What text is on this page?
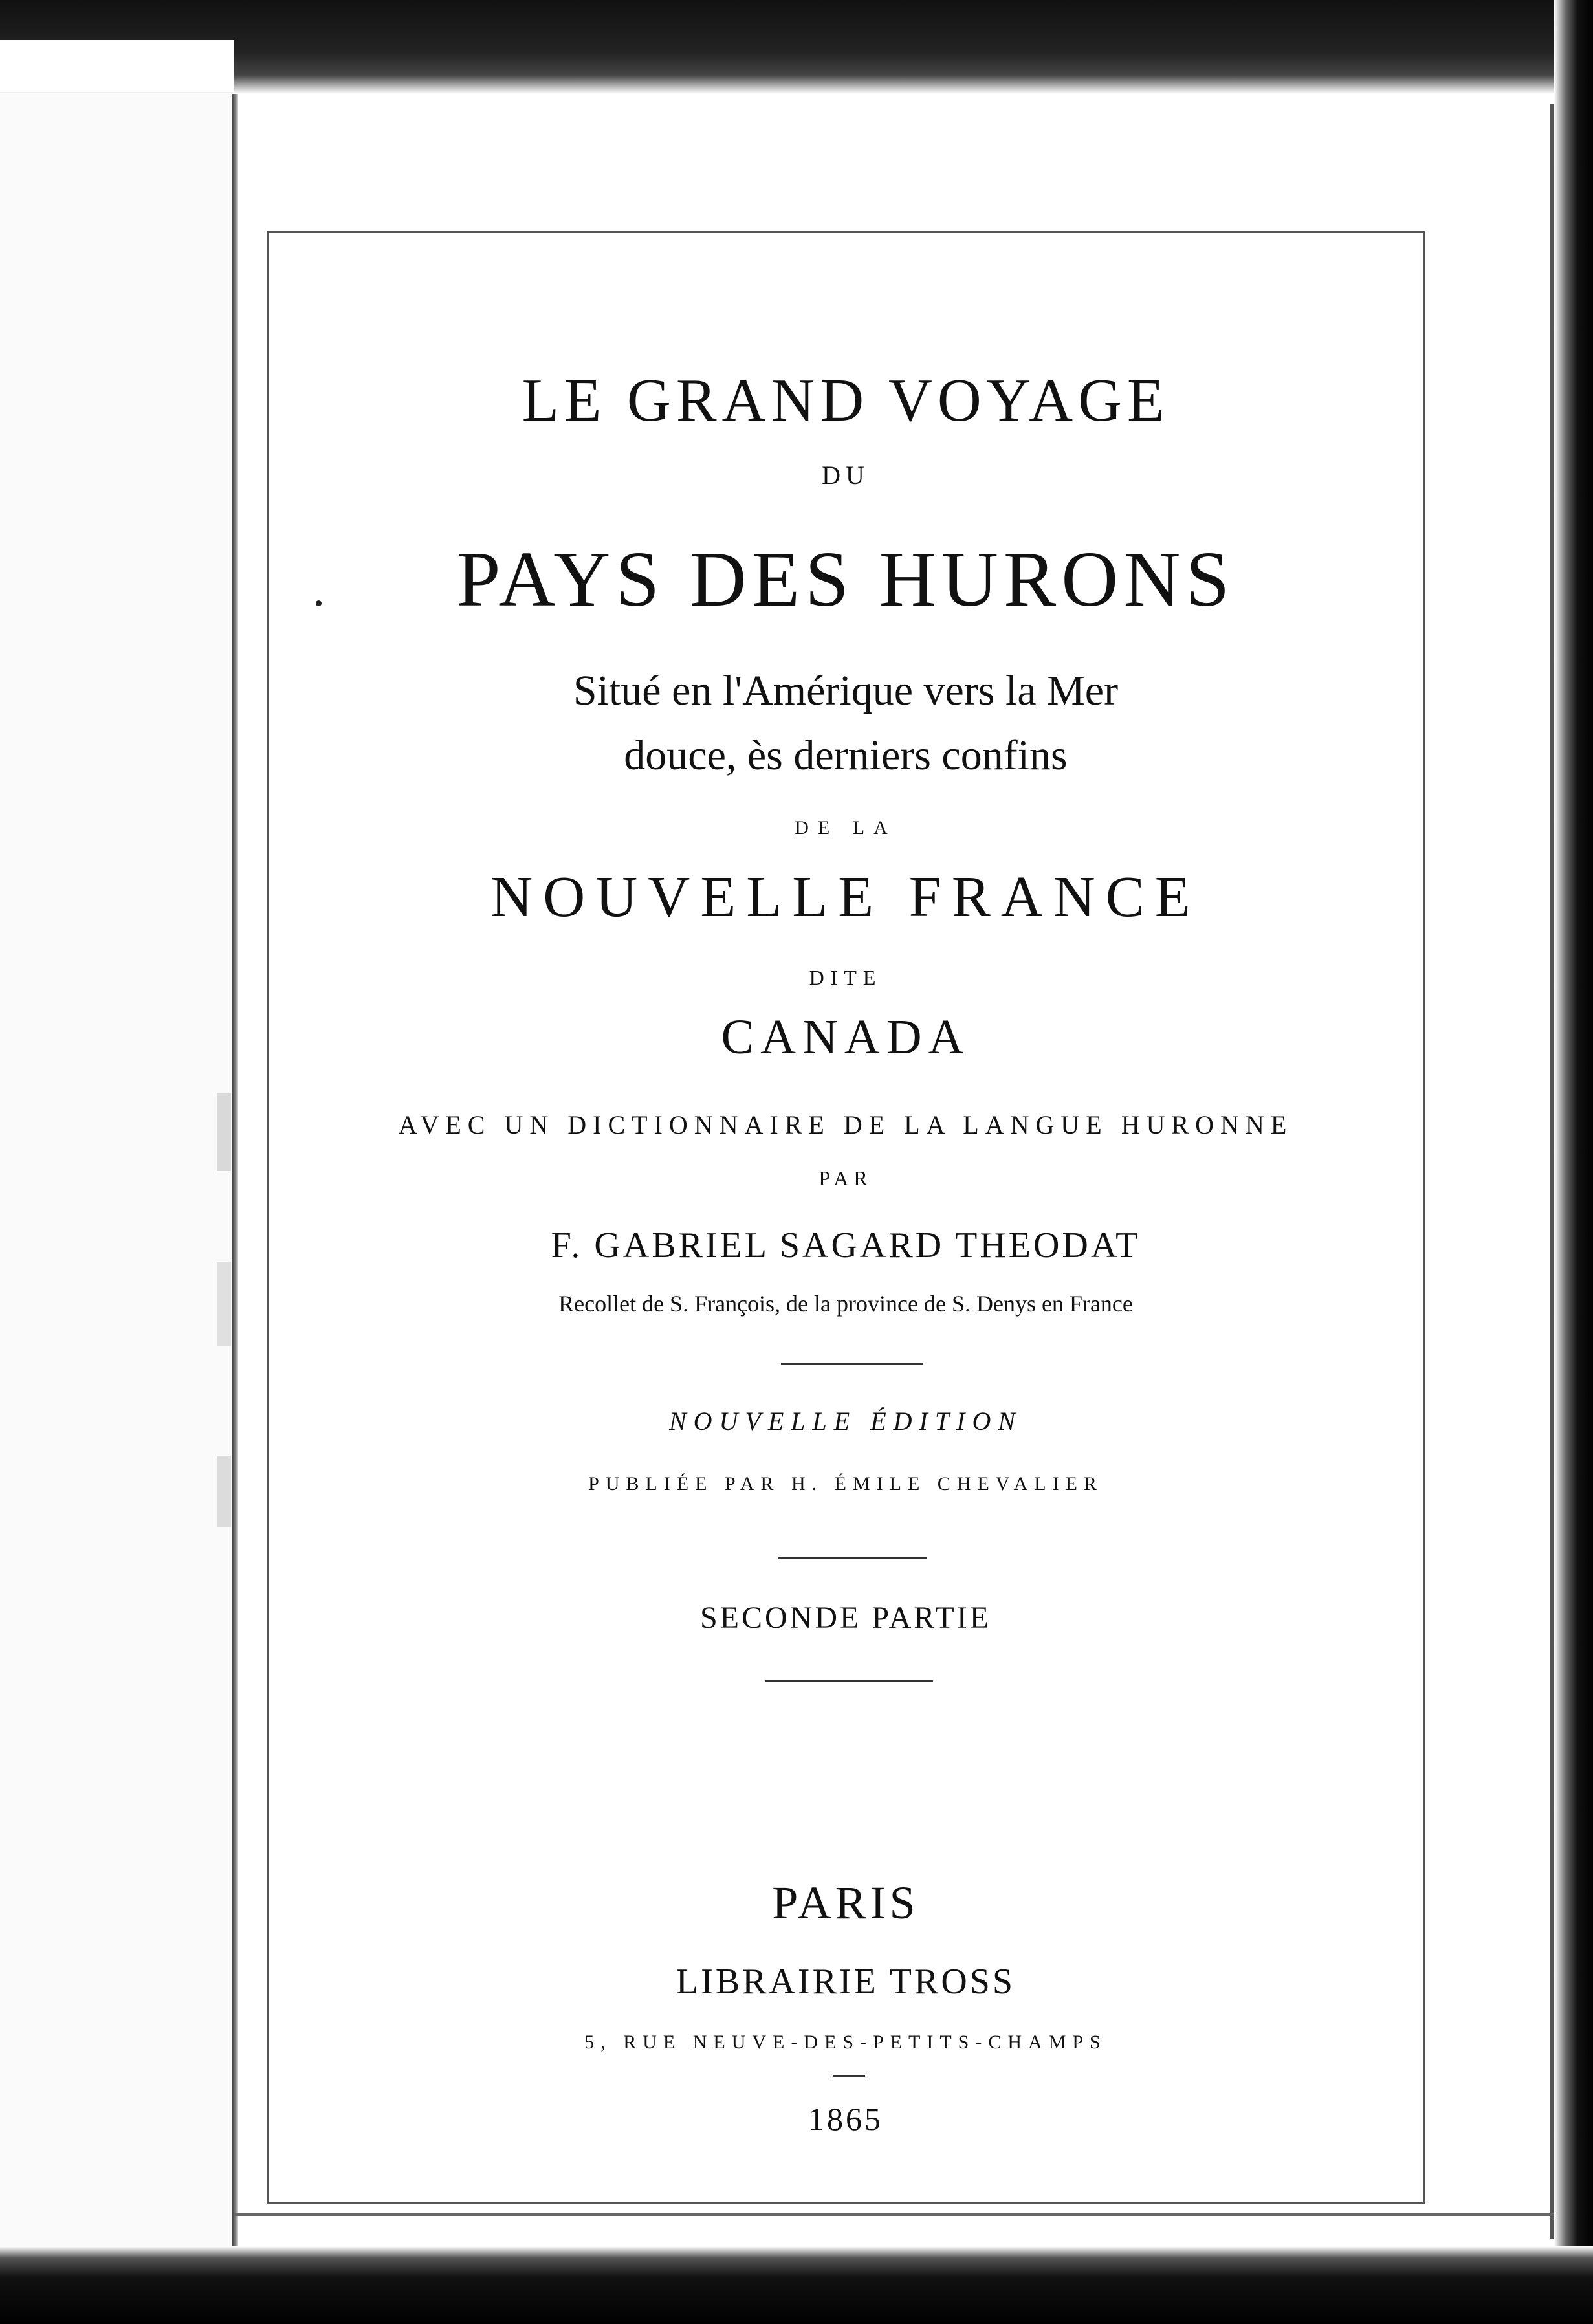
LE GRAND VOYAGE
DU
PAYS DES HURONS
Situé en l'Amérique vers la Mer
douce, ès derniers confins
DE LA
NOUVELLE FRANCE
DITE
CANADA
AVEC UN DICTIONNAIRE DE LA LANGUE HURONNE
PAR
F. GABRIEL SAGARD THEODAT
Recollet de S. François, de la province de S. Denys en France
NOUVELLE ÉDITION
PUBLIÉE PAR H. ÉMILE CHEVALIER
SECONDE PARTIE
PARIS
LIBRAIRIE TROSS
5, RUE NEUVE-DES-PETITS-CHAMPS
1865
